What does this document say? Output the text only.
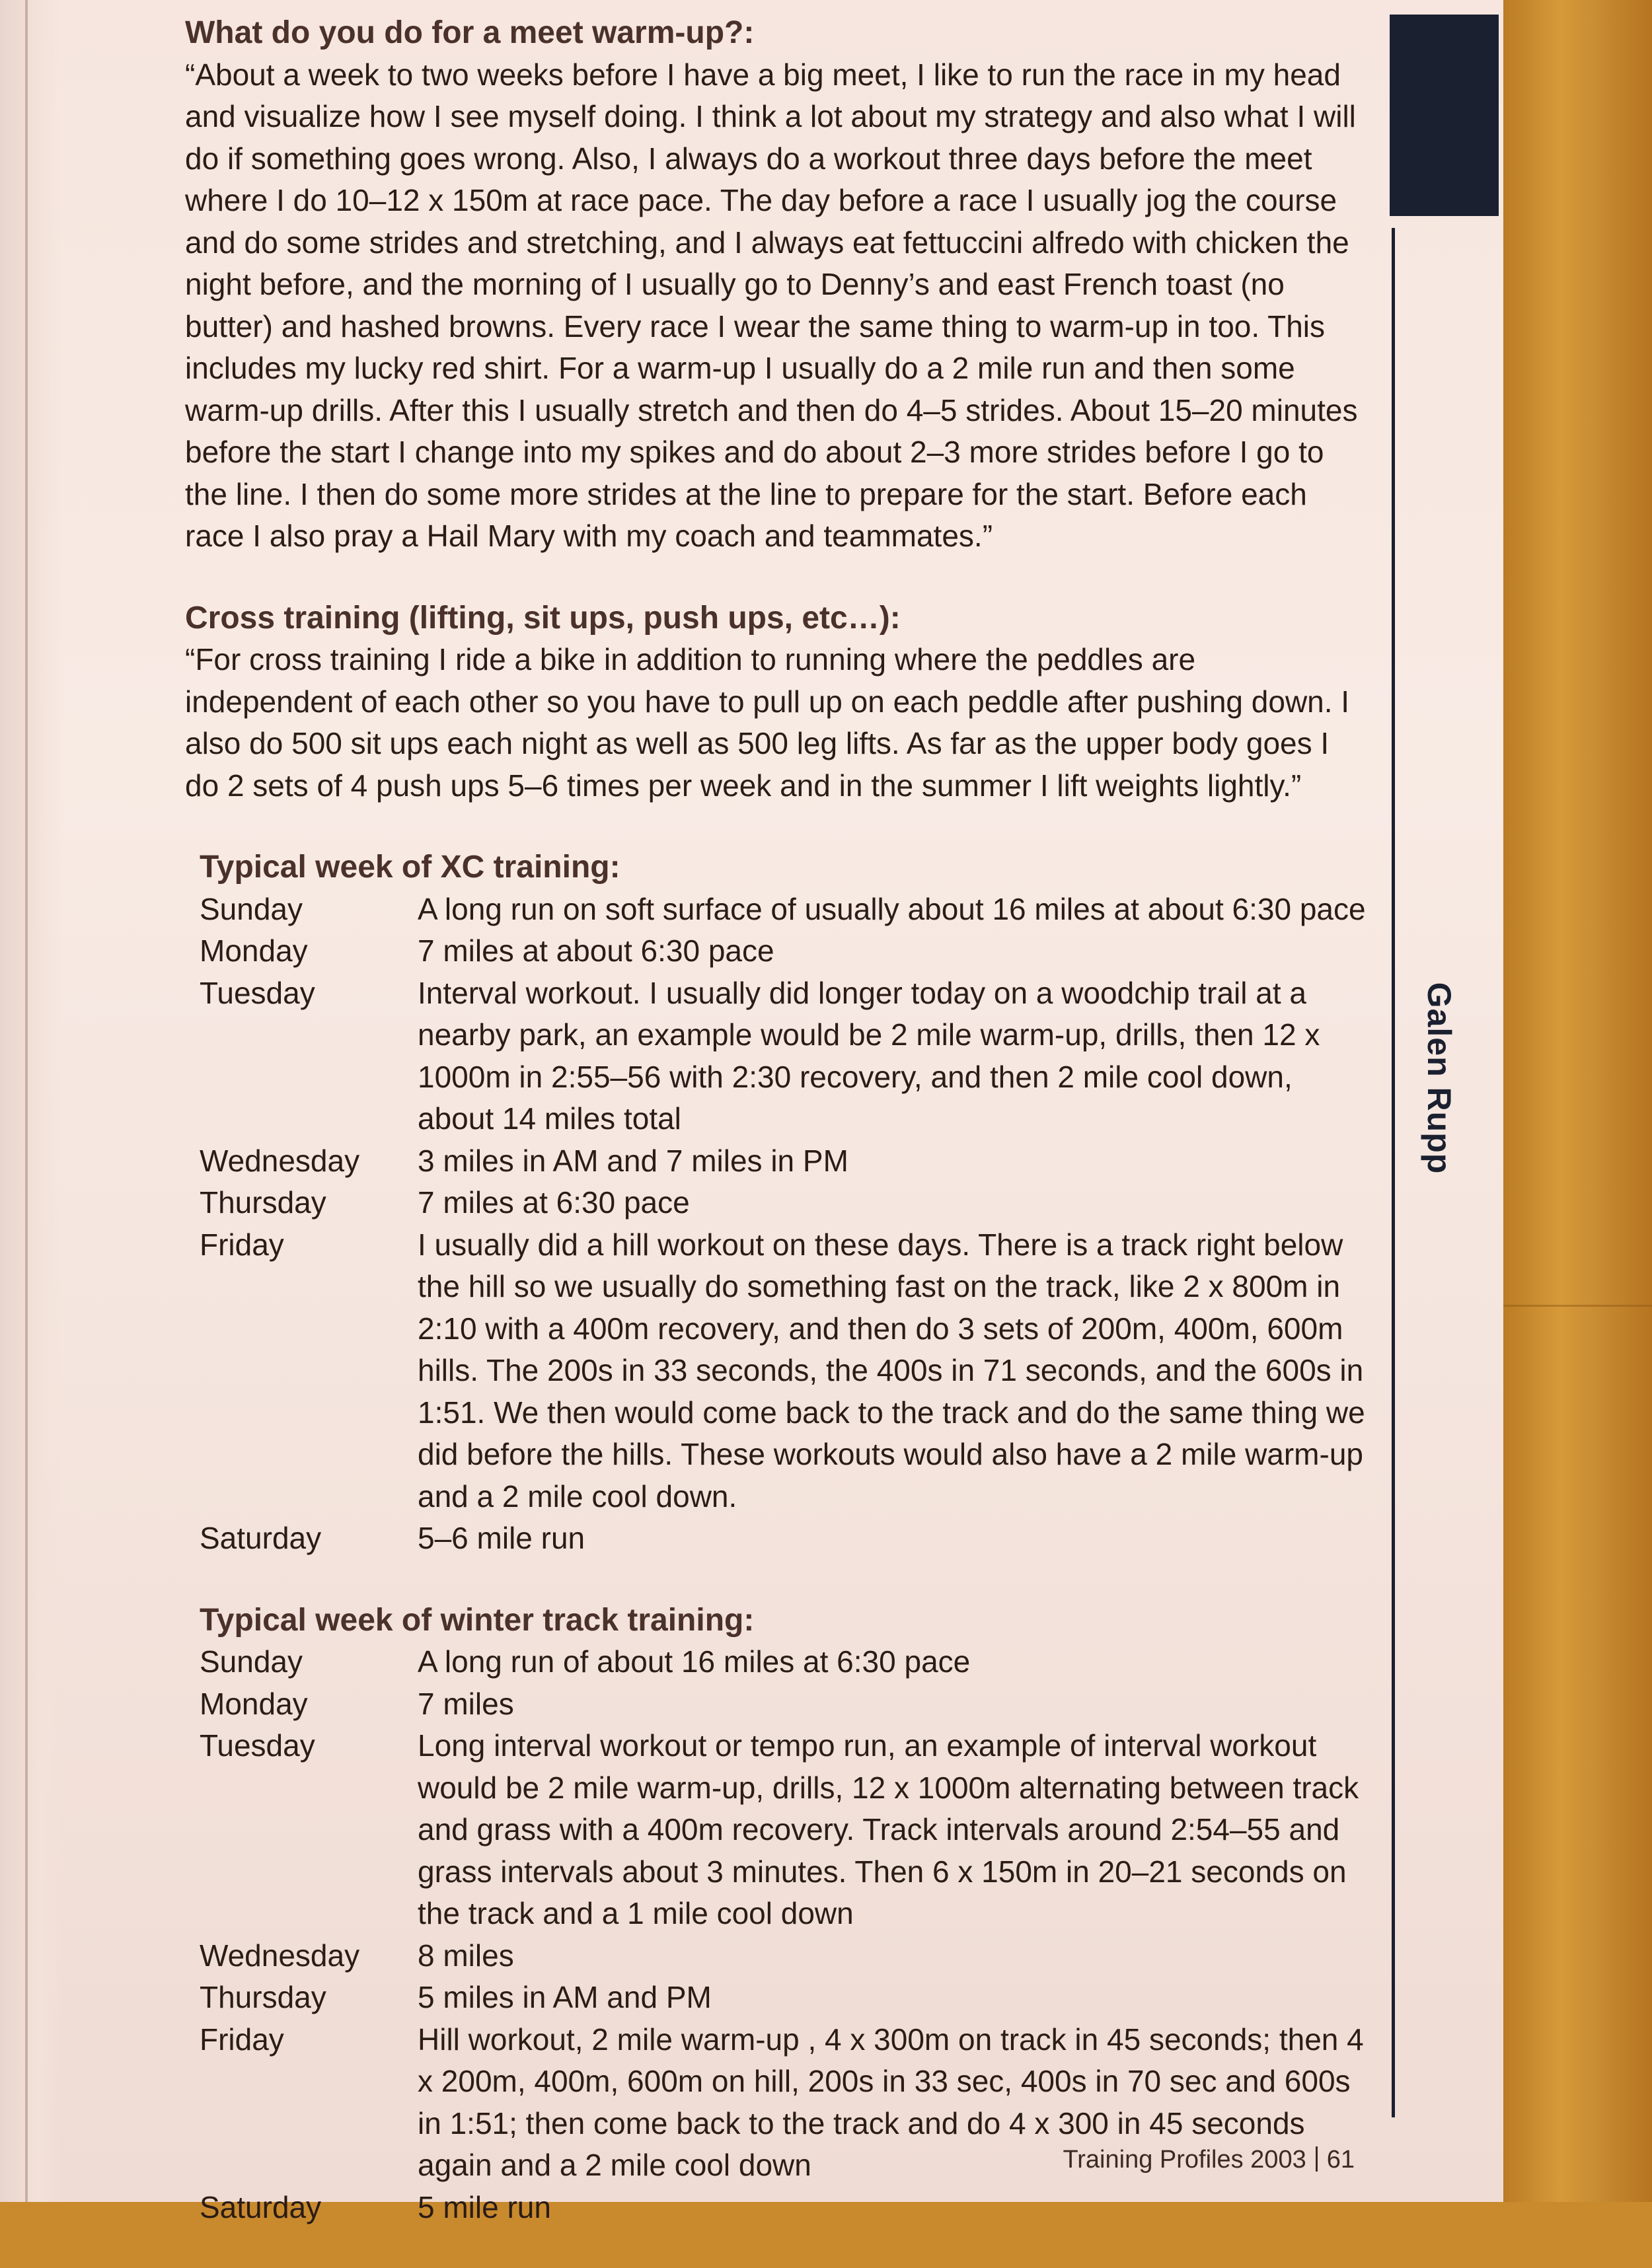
Galen Rupp
What do you do for a meet warm-up?:

“About a week to two weeks before I have a big meet, I like to run the race in my head and visualize how I see myself doing. I think a lot about my strategy and also what I will do if something goes wrong. Also, I always do a workout three days before the meet where I do 10–12 x 150m at race pace. The day before a race I usually jog the course and do some strides and stretching, and I always eat fettuccini alfredo with chicken the night before, and the morning of I usually go to Denny’s and east French toast (no butter) and hashed browns. Every race I wear the same thing to warm-up in too. This includes my lucky red shirt. For a warm-up I usually do a 2 mile run and then some warm-up drills. After this I usually stretch and then do 4–5 strides. About 15–20 minutes before the start I change into my spikes and do about 2–3 more strides before I go to the line. I then do some more strides at the line to prepare for the start. Before each race I also pray a Hail Mary with my coach and teammates.”

Cross training (lifting, sit ups, push ups, etc…):

“For cross training I ride a bike in addition to running where the peddles are independent of each other so you have to pull up on each peddle after pushing down. I also do 500 sit ups each night as well as 500 leg lifts. As far as the upper body goes I do 2 sets of 4 push ups 5–6 times per week and in the summer I lift weights lightly.”

Typical week of XC training:
Sunday	A long run on soft surface of usually about 16 miles at about 6:30 pace
Monday	7 miles at about 6:30 pace
Tuesday	Interval workout. I usually did longer today on a woodchip trail at a nearby park, an example would be 2 mile warm-up, drills, then 12 x 1000m in 2:55–56 with 2:30 recovery, and then 2 mile cool down, about 14 miles total
Wednesday	3 miles in AM and 7 miles in PM
Thursday	7 miles at 6:30 pace
Friday	I usually did a hill workout on these days. There is a track right below the hill so we usually do something fast on the track, like 2 x 800m in 2:10 with a 400m recovery, and then do 3 sets of 200m, 400m, 600m hills. The 200s in 33 seconds, the 400s in 71 seconds, and the 600s in 1:51. We then would come back to the track and do the same thing we did before the hills. These workouts would also have a 2 mile warm-up and a 2 mile cool down.
Saturday	5–6 mile run
Typical week of winter track training:
Sunday	A long run of about 16 miles at 6:30 pace
Monday	7 miles
Tuesday	Long interval workout or tempo run, an example of interval workout would be 2 mile warm-up, drills, 12 x 1000m alternating between track and grass with a 400m recovery. Track intervals around 2:54–55 and grass intervals about 3 minutes. Then 6 x 150m in 20–21 seconds on the track and a 1 mile cool down
Wednesday	8 miles
Thursday	5 miles in AM and PM
Friday	Hill workout, 2 mile warm-up , 4 x 300m on track in 45 seconds; then 4 x 200m, 400m, 600m on hill, 200s in 33 sec, 400s in 70 sec and 600s in 1:51; then come back to the track and do 4 x 300 in 45 seconds again and a 2 mile cool down
Saturday	5 mile run
Training Profiles 2003 61
